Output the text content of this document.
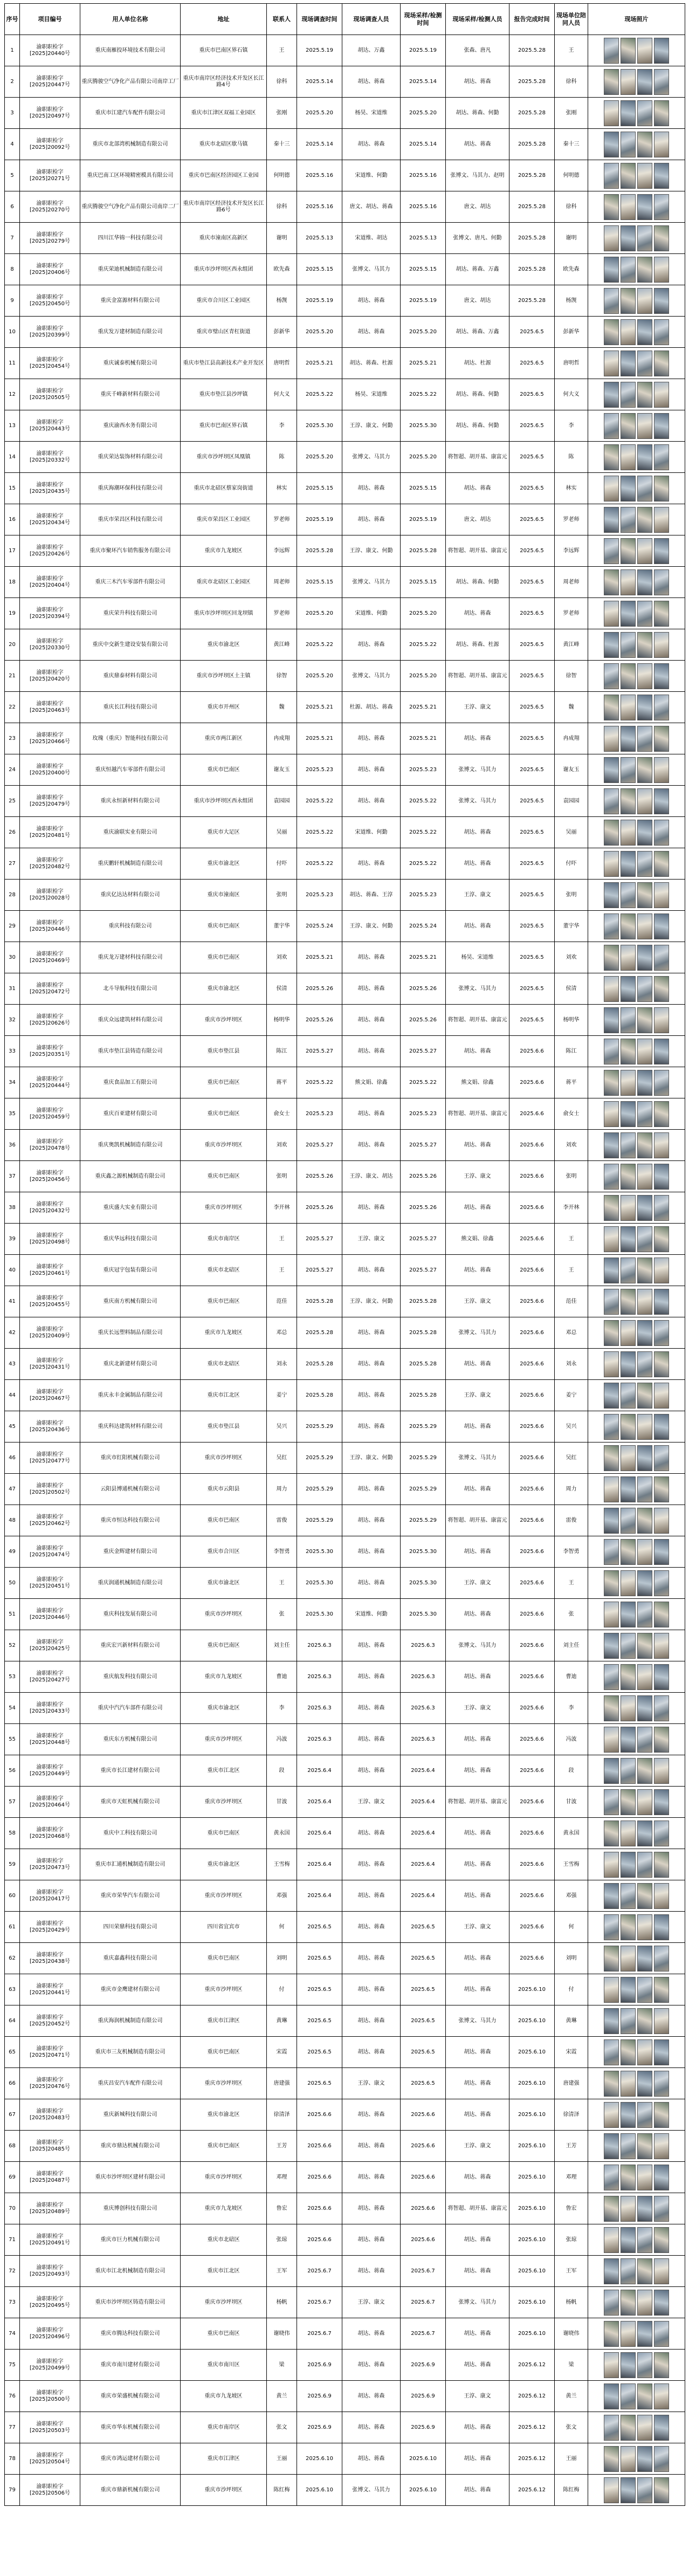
序号	项目编号	用人单位名称	地址	联系人	现场调查时间	现场调查人员	现场采样/检测时间	现场采样/检测人员	报告完成时间	现场单位陪同人员	现场照片
1	渝职职检字 [2025]20440号	重庆南雁投环境技术有限公司	重庆市巴南区界石镇	王	2025.5.19	胡达、万鑫	2025.5.19	张森、唐凡	2025.5.28	王	

2	渝职职检字 [2025]20447号	重庆腾骏空气净化产品有限公司南岸工厂	重庆市南岸区经济技术开发区长江路4号	徐科	2025.5.14	胡达、蒋森	2025.5.14	胡达、蒋森	2025.5.28	徐科	

3	渝职职检字 [2025]20497号	重庆市江建汽车配件有限公司	重庆市江津区双福工业园区	张刚	2025.5.20	杨昊、宋道维	2025.5.20	胡达、蒋森、何勤	2025.5.28	张刚	

4	渝职职检字 [2025]20092号	重庆市北部湾机械制造有限公司	重庆市北碚区歇马镇	秦十三	2025.5.14	胡达、蒋森	2025.5.14	胡达、蒋森	2025.5.28	秦十三	

5	渝职职检字 [2025]20271号	重庆巴南工区环境精密模具有限公司	重庆市巴南区经济园区工业园	何明德	2025.5.16	宋道维、何勤	2025.5.16	张博文、马其力、赵明	2025.5.28	何明德	

6	渝职职检字 [2025]20270号	重庆腾骏空气净化产品有限公司南岸二厂	重庆市南岸区经济技术开发区长江路6号	徐科	2025.5.16	唐文、胡达、蒋森	2025.5.16	唐文、胡达	2025.5.28	徐科	

7	渝职职检字 [2025]20279号	四川江华锦一科技有限公司	重庆市潼南区高新区	谢明	2025.5.13	宋道维、胡达	2025.5.13	张博文、唐凡、何勤	2025.5.28	谢明	

8	渝职职检字 [2025]20406号	重庆荣迪机械制造有限公司	重庆市沙坪坝区西永组团	欧先森	2025.5.15	张博文、马其力	2025.5.15	胡达、蒋森、万鑫	2025.5.28	欧先森	

9	渝职职检字 [2025]20450号	重庆金富源材料有限公司	重庆市合川区工业园区	杨觊	2025.5.19	胡达、蒋森	2025.5.19	唐文、胡达	2025.5.28	杨觊	

10	渝职职检字 [2025]20399号	重庆发万建材制造有限公司	重庆市璧山区青杠街道	彭新华	2025.5.20	胡达、蒋森	2025.5.20	胡达、蒋森、万鑫	2025.6.5	彭新华	

11	渝职职检字 [2025]20454号	重庆诚泰机械有限公司	重庆市垫江县高新技术产业开发区	唐明哲	2025.5.21	胡达、蒋森、杜源	2025.5.21	胡达、杜源	2025.6.5	唐明哲	

12	渝职职检字 [2025]20505号	重庆千峰新材料有限公司	重庆市垫江县沙坪镇	何大义	2025.5.22	杨昊、宋道维	2025.5.22	胡达、蒋森、何勤	2025.6.5	何大义	

13	渝职职检字 [2025]20443号	重庆渝西水务有限公司	重庆市巴南区界石镇	李	2025.5.30	王淳、康文、何勤	2025.5.30	胡达、蒋森、何勤	2025.6.5	李	

14	渝职职检字 [2025]20332号	重庆荣达装饰材料有限公司	重庆市沙坪坝区凤凰镇	陈	2025.5.20	张博文、马其力	2025.5.20	将智超、胡开基、康富元	2025.6.5	陈	

15	渝职职检字 [2025]20435号	重庆海潮环保科技有限公司	重庆市北碚区蔡家岗街道	林实	2025.5.15	胡达、蒋森	2025.5.15	胡达、蒋森	2025.6.5	林实	

16	渝职职检字 [2025]20434号	重庆市荣昌区科技有限公司	重庆市荣昌区工业园区	罗老师	2025.5.19	胡达、蒋森	2025.5.19	唐文、胡达	2025.6.5	罗老师	

17	渝职职检字 [2025]20426号	重庆市聚环汽车销售服务有限公司	重庆市九龙坡区	李远辉	2025.5.28	王淳、康文、何勤	2025.5.28	将智超、胡开基、康富元	2025.6.5	李远辉	

18	渝职职检字 [2025]20404号	重庆三木汽车零部件有限公司	重庆市北碚区工业园区	周老师	2025.5.15	张博文、马其力	2025.5.15	胡达、蒋森、何勤	2025.6.5	周老师	

19	渝职职检字 [2025]20394号	重庆荣升科技有限公司	重庆市沙坪坝区回龙坝镇	罗老师	2025.5.20	宋道维、何勤	2025.5.20	胡达、蒋森	2025.6.5	罗老师	

20	渝职职检字 [2025]20330号	重庆中交新生建设安装有限公司	重庆市渝北区	黄江峰	2025.5.22	胡达、蒋森	2025.5.22	胡达、蒋森、杜源	2025.6.5	黄江峰	

21	渝职职检字 [2025]20420号	重庆鼎泰材料有限公司	重庆市沙坪坝区土主镇	徐智	2025.5.20	张博文、马其力	2025.5.20	将智超、胡开基、康富元	2025.6.5	徐智	

22	渝职职检字 [2025]20463号	重庆长江科技有限公司	重庆市开州区	魏	2025.5.21	杜源、胡达、蒋森	2025.5.21	王淳、康文	2025.6.5	魏	

23	渝职职检字 [2025]20466号	玫瑰（重庆）智能科技有限公司	重庆市两江新区	冉成翔	2025.5.21	胡达、蒋森	2025.5.21	胡达、蒋森	2025.6.5	冉成翔	

24	渝职职检字 [2025]20400号	重庆恒越汽车零部件有限公司	重庆市巴南区	谢友玉	2025.5.23	胡达、蒋森	2025.5.23	张博文、马其力	2025.6.5	谢友玉	

25	渝职职检字 [2025]20479号	重庆永恒新材料有限公司	重庆市沙坪坝区西永组团	袁园园	2025.5.22	胡达、蒋森	2025.5.22	张博文、马其力	2025.6.5	袁园园	

26	渝职职检字 [2025]20481号	重庆渝联实业有限公司	重庆市大足区	吴丽	2025.5.22	宋道维、何勤	2025.5.22	胡达、蒋森	2025.6.5	吴丽	

27	渝职职检字 [2025]20482号	重庆鹏轩机械制造有限公司	重庆市渝北区	付吓	2025.5.22	胡达、蒋森	2025.5.22	胡达、蒋森	2025.6.5	付吓	

28	渝职职检字 [2025]20028号	重庆亿达达材料有限公司	重庆市潼南区	张明	2025.5.23	胡达、蒋森、王淳	2025.5.23	王淳、康文	2025.6.5	张明	

29	渝职职检字 [2025]20446号	重庆科技有限公司	重庆市巴南区	董宇华	2025.5.24	王淳、康文、何勤	2025.5.24	胡达、蒋森	2025.6.5	董宇华	

30	渝职职检字 [2025]20469号	重庆龙万建材科技有限公司	重庆市巴南区	刘欢	2025.5.21	胡达、蒋森	2025.5.21	杨昊、宋道维	2025.6.5	刘欢	

31	渝职职检字 [2025]20472号	北斗导航科技有限公司	重庆市渝北区	侯清	2025.5.26	胡达、蒋森	2025.5.26	张博文、马其力	2025.6.5	侯清	

32	渝职职检字 [2025]20626号	重庆众远建筑材料有限公司	重庆市沙坪坝区	杨明华	2025.5.26	胡达、蒋森	2025.5.26	将智超、胡开基、康富元	2025.6.5	杨明华	

33	渝职职检字 [2025]20351号	重庆市垫江县铸造有限公司	重庆市垫江县	陈江	2025.5.27	胡达、蒋森	2025.5.27	胡达、蒋森	2025.6.6	陈江	

34	渝职职检字 [2025]20444号	重庆食品加工有限公司	重庆市巴南区	蒋平	2025.5.22	熊文娟、徐鑫	2025.5.22	熊文娟、徐鑫	2025.6.6	蒋平	

35	渝职职检字 [2025]20459号	重庆百亚建材有限公司	重庆市巴南区	俞女士	2025.5.23	胡达、蒋森	2025.5.23	将智超、胡开基、康富元	2025.6.6	俞女士	

36	渝职职检字 [2025]20478号	重庆奥凯机械制造有限公司	重庆市沙坪坝区	刘欢	2025.5.27	胡达、蒋森	2025.5.27	胡达、蒋森	2025.6.6	刘欢	

37	渝职职检字 [2025]20456号	重庆鑫之源机械制造有限公司	重庆市巴南区	张明	2025.5.26	王淳、康文、胡达	2025.5.26	王淳、康文	2025.6.6	张明	

38	渝职职检字 [2025]20432号	重庆盛大实业有限公司	重庆市沙坪坝区	李开林	2025.5.26	胡达、蒋森	2025.5.26	胡达、蒋森	2025.6.6	李开林	

39	渝职职检字 [2025]20498号	重庆华远科技有限公司	重庆市南岸区	王	2025.5.27	王淳、康文	2025.5.27	熊文娟、徐鑫	2025.6.6	王	

40	渝职职检字 [2025]20461号	重庆冠宇包装有限公司	重庆市北碚区	王	2025.5.27	胡达、蒋森	2025.5.27	胡达、蒋森	2025.6.6	王	

41	渝职职检字 [2025]20455号	重庆南方机械有限公司	重庆市巴南区	范佳	2025.5.28	王淳、康文、何勤	2025.5.28	王淳、康文	2025.6.6	范佳	

42	渝职职检字 [2025]20409号	重庆长远塑料制品有限公司	重庆市九龙坡区	邓总	2025.5.28	胡达、蒋森	2025.5.28	张博文、马其力	2025.6.6	邓总	

43	渝职职检字 [2025]20431号	重庆北新建材有限公司	重庆市北碚区	刘永	2025.5.28	胡达、蒋森	2025.5.28	胡达、蒋森	2025.6.6	刘永	

44	渝职职检字 [2025]20467号	重庆永丰金属制品有限公司	重庆市江北区	姜宁	2025.5.28	胡达、蒋森	2025.5.28	王淳、康文	2025.6.6	姜宁	

45	渝职职检字 [2025]20436号	重庆科达建筑材料有限公司	重庆市垫江县	吴兴	2025.5.29	胡达、蒋森	2025.5.29	胡达、蒋森	2025.6.6	吴兴	

46	渝职职检字 [2025]20477号	重庆市红阳机械有限公司	重庆市沙坪坝区	吴红	2025.5.29	王淳、康文、何勤	2025.5.29	张博文、马其力	2025.6.6	吴红	

47	渝职职检字 [2025]20502号	云阳县博通机械有限公司	重庆市云阳县	周力	2025.5.29	胡达、蒋森	2025.5.29	胡达、蒋森	2025.6.6	周力	

48	渝职职检字 [2025]20462号	重庆市恒达科技有限公司	重庆市巴南区	雷俊	2025.5.29	胡达、蒋森	2025.5.29	将智超、胡开基、康富元	2025.6.6	雷俊	

49	渝职职检字 [2025]20474号	重庆金辉建材有限公司	重庆市合川区	李智勇	2025.5.30	胡达、蒋森	2025.5.30	胡达、蒋森	2025.6.6	李智勇	

50	渝职职检字 [2025]20451号	重庆润通机械制造有限公司	重庆市渝北区	王	2025.5.30	胡达、蒋森	2025.5.30	王淳、康文	2025.6.6	王	

51	渝职职检字 [2025]20446号	重庆科技发展有限公司	重庆市沙坪坝区	张	2025.5.30	宋道维、何勤	2025.5.30	胡达、蒋森	2025.6.6	张	

52	渝职职检字 [2025]20425号	重庆宏兴新材料有限公司	重庆市巴南区	刘主任	2025.6.3	胡达、蒋森	2025.6.3	张博文、马其力	2025.6.6	刘主任	

53	渝职职检字 [2025]20427号	重庆航发科技有限公司	重庆市九龙坡区	曹迪	2025.6.3	胡达、蒋森	2025.6.3	胡达、蒋森	2025.6.6	曹迪	

54	渝职职检字 [2025]20433号	重庆中汽汽车部件有限公司	重庆市渝北区	李	2025.6.3	胡达、蒋森	2025.6.3	王淳、康文	2025.6.6	李	

55	渝职职检字 [2025]20448号	重庆东方机械有限公司	重庆市沙坪坝区	冯波	2025.6.3	胡达、蒋森	2025.6.3	胡达、蒋森	2025.6.6	冯波	

56	渝职职检字 [2025]20449号	重庆市长江建材有限公司	重庆市江北区	段	2025.6.4	胡达、蒋森	2025.6.4	胡达、蒋森	2025.6.6	段	

57	渝职职检字 [2025]20464号	重庆市天虹机械有限公司	重庆市沙坪坝区	甘波	2025.6.4	王淳、康文	2025.6.4	将智超、胡开基、康富元	2025.6.6	甘波	

58	渝职职检字 [2025]20468号	重庆中工科技有限公司	重庆市巴南区	黄永国	2025.6.4	胡达、蒋森	2025.6.4	胡达、蒋森	2025.6.6	黄永国	

59	渝职职检字 [2025]20473号	重庆市汇通机械制造有限公司	重庆市渝北区	王雪梅	2025.6.4	胡达、蒋森	2025.6.4	胡达、蒋森	2025.6.6	王雪梅	

60	渝职职检字 [2025]20417号	重庆市荣华汽车有限公司	重庆市沙坪坝区	邓强	2025.6.4	胡达、蒋森	2025.6.4	胡达、蒋森	2025.6.6	邓强	

61	渝职职检字 [2025]20429号	四川荣鼎科技有限公司	四川省宜宾市	何	2025.6.5	胡达、蒋森	2025.6.5	王淳、康文	2025.6.6	何	

62	渝职职检字 [2025]20438号	重庆嘉鑫科技有限公司	重庆市巴南区	刘明	2025.6.5	胡达、蒋森	2025.6.5	胡达、蒋森	2025.6.6	刘明	

63	渝职职检字 [2025]20441号	重庆市金鹰建材有限公司	重庆市沙坪坝区	付	2025.6.5	胡达、蒋森	2025.6.5	胡达、蒋森	2025.6.10	付	

64	渝职职检字 [2025]20452号	重庆海润机械制造有限公司	重庆市江津区	黄琳	2025.6.5	胡达、蒋森	2025.6.5	张博文、马其力	2025.6.10	黄琳	

65	渝职职检字 [2025]20471号	重庆市三友机械制造有限公司	重庆市巴南区	宋霞	2025.6.5	胡达、蒋森	2025.6.5	胡达、蒋森	2025.6.10	宋霞	

66	渝职职检字 [2025]20476号	重庆昌安汽车配件有限公司	重庆市沙坪坝区	唐建强	2025.6.5	王淳、康文	2025.6.5	胡达、蒋森	2025.6.10	唐建强	

67	渝职职检字 [2025]20483号	重庆新城科技有限公司	重庆市渝北区	徐清泽	2025.6.6	胡达、蒋森	2025.6.6	胡达、蒋森	2025.6.10	徐清泽	

68	渝职职检字 [2025]20485号	重庆市鼎达机械有限公司	重庆市巴南区	王芳	2025.6.6	胡达、蒋森	2025.6.6	王淳、康文	2025.6.10	王芳	

69	渝职职检字 [2025]20487号	重庆市沙坪坝区建材有限公司	重庆市沙坪坝区	邓理	2025.6.6	胡达、蒋森	2025.6.6	胡达、蒋森	2025.6.10	邓理	

70	渝职职检字 [2025]20489号	重庆博创科技有限公司	重庆市九龙坡区	鲁宏	2025.6.6	胡达、蒋森	2025.6.6	将智超、胡开基、康富元	2025.6.10	鲁宏	

71	渝职职检字 [2025]20491号	重庆市巨力机械有限公司	重庆市北碚区	张琼	2025.6.6	胡达、蒋森	2025.6.6	胡达、蒋森	2025.6.10	张琼	

72	渝职职检字 [2025]20493号	重庆市江北机械制造有限公司	重庆市江北区	王军	2025.6.7	胡达、蒋森	2025.6.7	胡达、蒋森	2025.6.10	王军	

73	渝职职检字 [2025]20495号	重庆市沙坪坝区铸造有限公司	重庆市沙坪坝区	杨帆	2025.6.7	王淳、康文	2025.6.7	张博文、马其力	2025.6.10	杨帆	

74	渝职职检字 [2025]20496号	重庆市腾达科技有限公司	重庆市巴南区	谢晓伟	2025.6.7	胡达、蒋森	2025.6.7	胡达、蒋森	2025.6.10	谢晓伟	

75	渝职职检字 [2025]20499号	重庆市南川建材有限公司	重庆市南川区	梁	2025.6.9	胡达、蒋森	2025.6.9	胡达、蒋森	2025.6.12	梁	

76	渝职职检字 [2025]20500号	重庆市荣盛机械有限公司	重庆市九龙坡区	黄兰	2025.6.9	胡达、蒋森	2025.6.9	王淳、康文	2025.6.12	黄兰	

77	渝职职检字 [2025]20503号	重庆市华东机械有限公司	重庆市南岸区	张文	2025.6.9	胡达、蒋森	2025.6.9	胡达、蒋森	2025.6.12	张文	

78	渝职职检字 [2025]20504号	重庆市鸿运建材有限公司	重庆市江津区	王丽	2025.6.10	胡达、蒋森	2025.6.10	胡达、蒋森	2025.6.12	王丽	

79	渝职职检字 [2025]20506号	重庆市鼎新机械有限公司	重庆市沙坪坝区	陈红梅	2025.6.10	张博文、马其力	2025.6.10	胡达、蒋森	2025.6.12	陈红梅	
